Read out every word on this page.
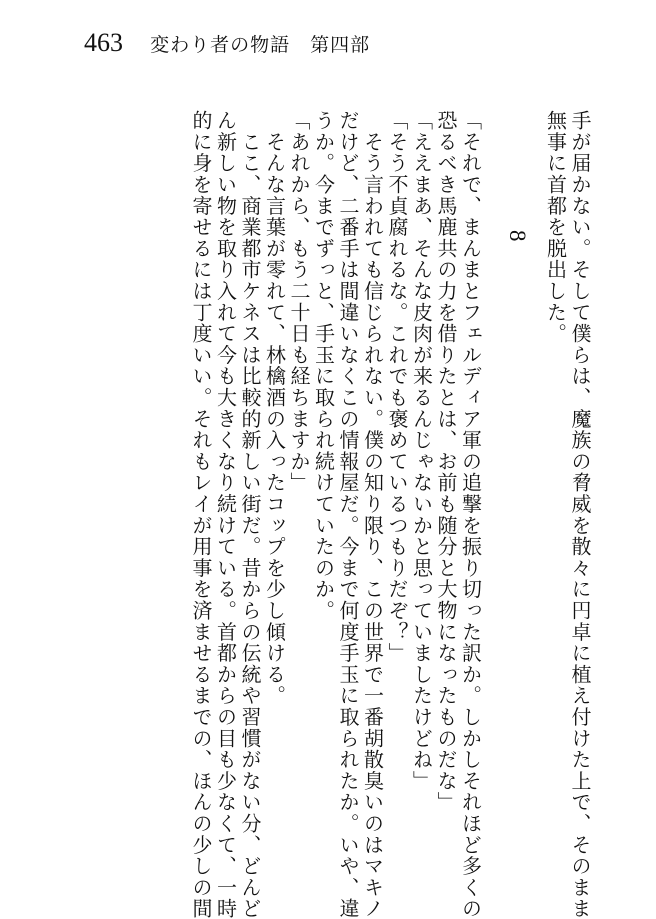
463 変わり者の物語　第四部
手が届かない。そして僕らは、魔族の脅威を散々に円卓に植え付けた上で、そのまま
無事に首都を脱出した。
8
「それで、まんまとフェルディア軍の追撃を振り切った訳か。しかしそれほど多くの
恐るべき馬鹿共の力を借りたとは、お前も随分と大物になったものだな」
「ええまあ、そんな皮肉が来るんじゃないかと思っていましたけどね」
「そう不貞腐れるな。これでも褒めているつもりだぞ？」
　そう言われても信じられない。僕の知り限り、この世界で一番胡散臭いのはマキノ
だけど、二番手は間違いなくこの情報屋だ。今まで何度手玉に取られたか。いや、違
うか。今までずっと、手玉に取られ続けていたのか。
「あれから、もう二十日も経ちますか」
　そんな言葉が零れて、林檎酒の入ったコップを少し傾ける。
　ここ、商業都市ケネスは比較的新しい街だ。昔からの伝統や習慣がない分、どんど
ん新しい物を取り入れて今も大きくなり続けている。首都からの目も少なくて、一時
的に身を寄せるには丁度いい。それもレイが用事を済ませるまでの、ほんの少しの間
